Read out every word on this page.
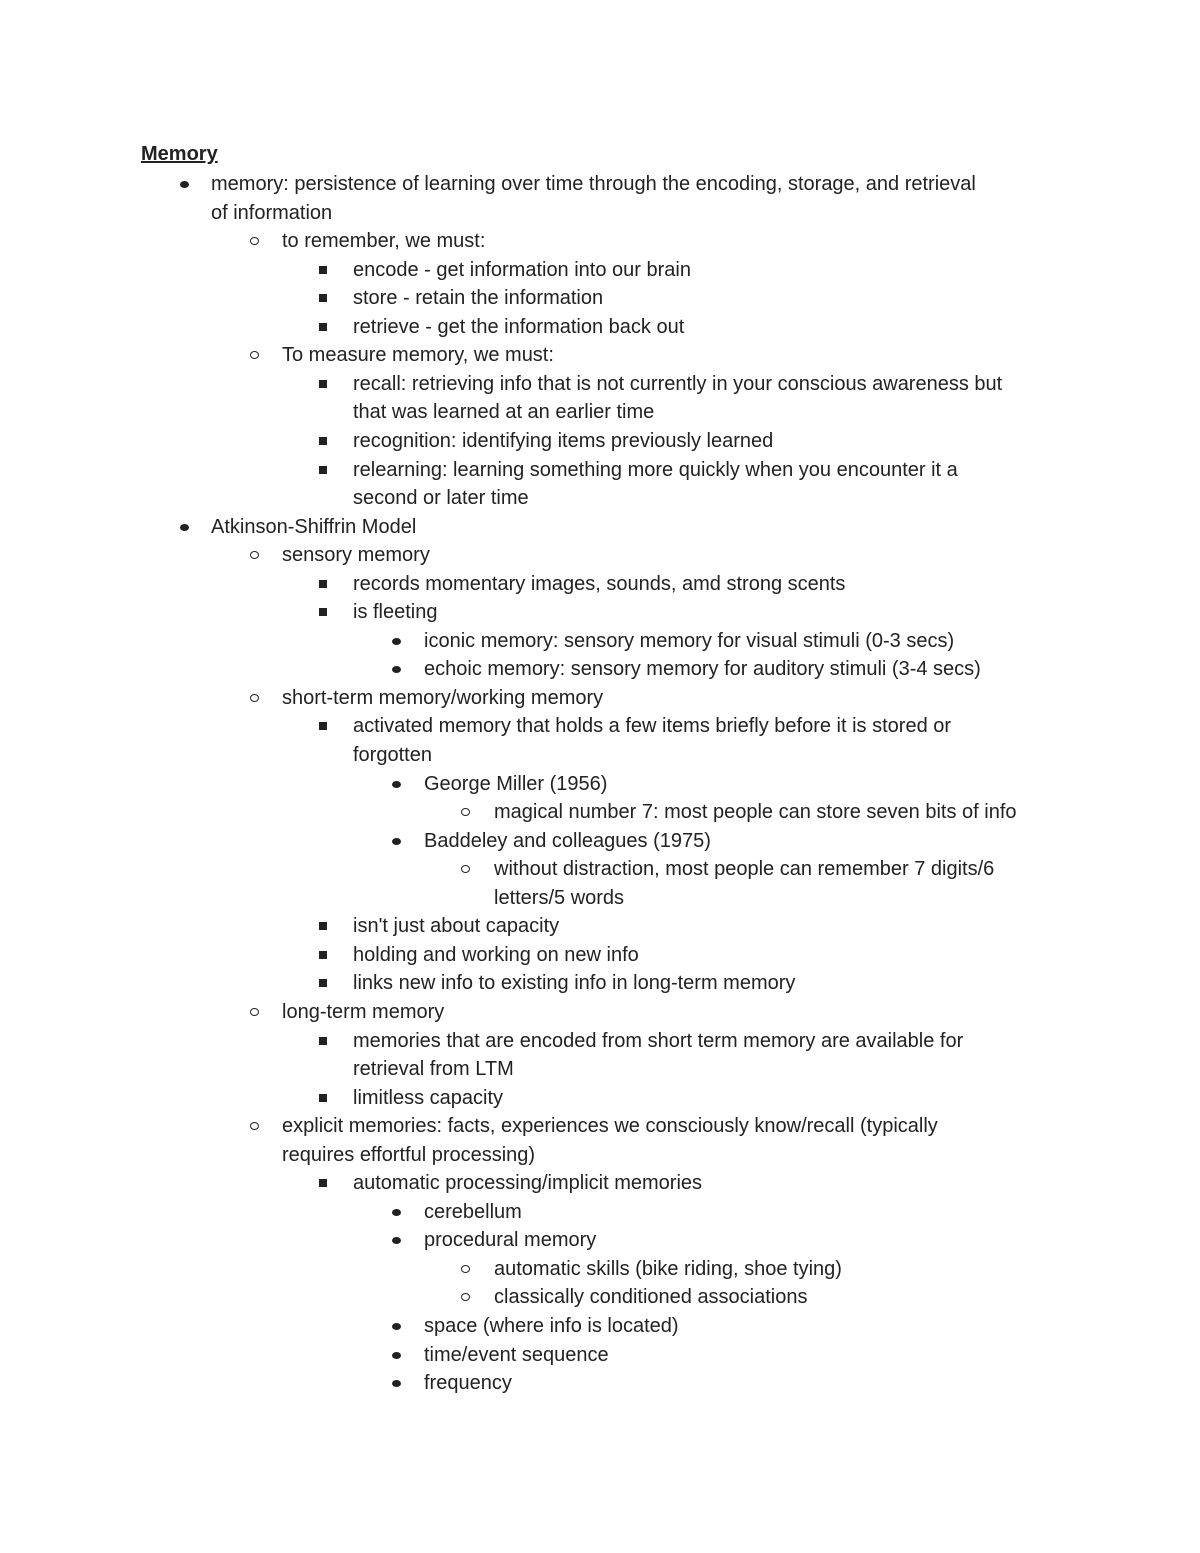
Memory
memory: persistence of learning over time through the encoding, storage, and retrieval
of information
to remember, we must:
encode - get information into our brain
store - retain the information
retrieve - get the information back out
To measure memory, we must:
recall: retrieving info that is not currently in your conscious awareness but
that was learned at an earlier time
recognition: identifying items previously learned
relearning: learning something more quickly when you encounter it a
second or later time
Atkinson-Shiffrin Model
sensory memory
records momentary images, sounds, amd strong scents
is fleeting
iconic memory: sensory memory for visual stimuli (0-3 secs)
echoic memory: sensory memory for auditory stimuli (3-4 secs)
short-term memory/working memory
activated memory that holds a few items briefly before it is stored or
forgotten
George Miller (1956)
magical number 7: most people can store seven bits of info
Baddeley and colleagues (1975)
without distraction, most people can remember 7 digits/6
letters/5 words
isn't just about capacity
holding and working on new info
links new info to existing info in long-term memory
long-term memory
memories that are encoded from short term memory are available for
retrieval from LTM
limitless capacity
explicit memories: facts, experiences we consciously know/recall (typically
requires effortful processing)
automatic processing/implicit memories
cerebellum
procedural memory
automatic skills (bike riding, shoe tying)
classically conditioned associations
space (where info is located)
time/event sequence
frequency
